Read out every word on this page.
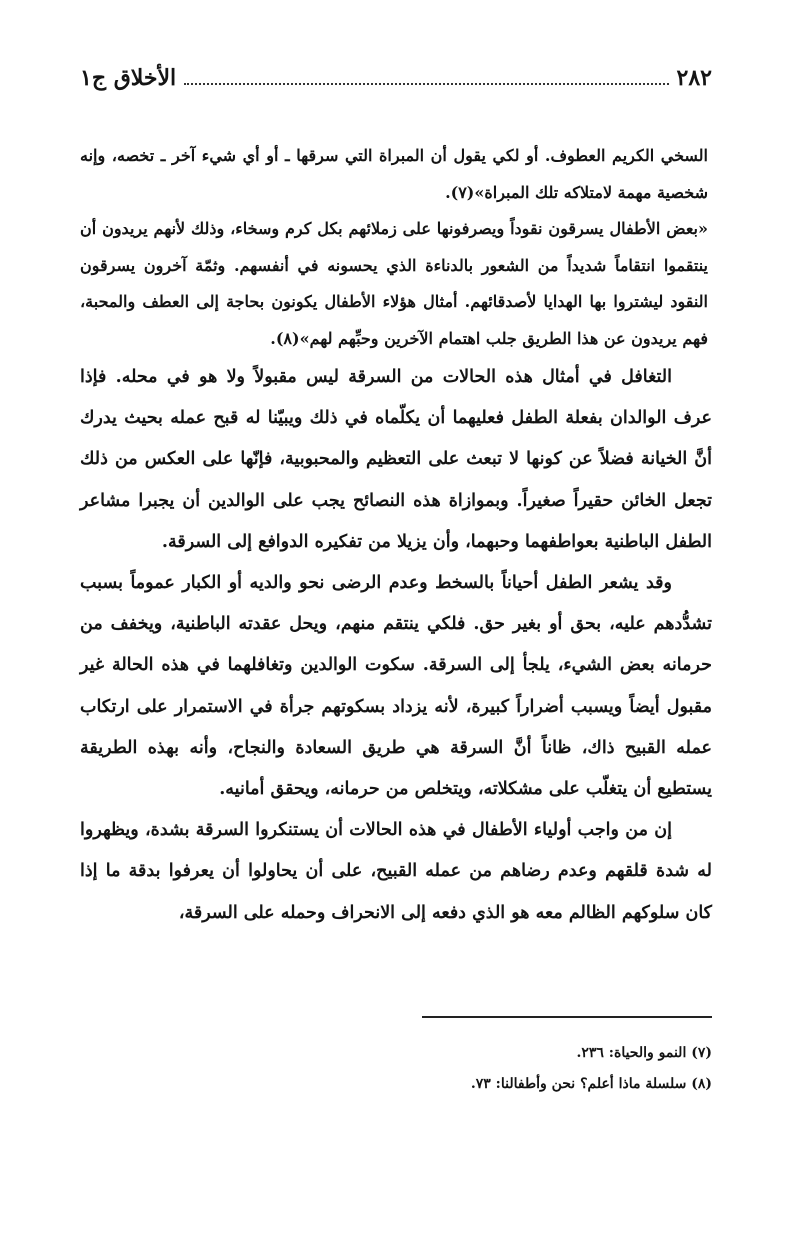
٢٨٢
الأخلاق ج١

السخي الكريم العطوف. أو لكي يقول أن المبراة التي سرقها ـ أو أي شيء آخر ـ تخصه، وإنه شخصية مهمة لامتلاكه تلك المبراة»(٧).

«بعض الأطفال يسرقون نقوداً ويصرفونها على زملائهم بكل كرم وسخاء، وذلك لأنهم يريدون أن ينتقموا انتقاماً شديداً من الشعور بالدناءة الذي يحسونه في أنفسهم. وثمّة آخرون يسرقون النقود ليشتروا بها الهدايا لأصدقائهم. أمثال هؤلاء الأطفال يكونون بحاجة إلى العطف والمحبة، فهم يريدون عن هذا الطريق جلب اهتمام الآخرين وحبِّهم لهم»(٨).

التغافل في أمثال هذه الحالات من السرقة ليس مقبولاً ولا هو في محله. فإذا عرف الوالدان بفعلة الطفل فعليهما أن يكلّماه في ذلك ويبيّنا له قبح عمله بحيث يدرك أنَّ الخيانة فضلاً عن كونها لا تبعث على التعظيم والمحبوبية، فإنّها على العكس من ذلك تجعل الخائن حقيراً صغيراً. وبموازاة هذه النصائح يجب على الوالدين أن يجبرا مشاعر الطفل الباطنية بعواطفهما وحبهما، وأن يزيلا من تفكيره الدوافع إلى السرقة.

وقد يشعر الطفل أحياناً بالسخط وعدم الرضى نحو والديه أو الكبار عموماً بسبب تشدُّدهم عليه، بحق أو بغير حق. فلكي ينتقم منهم، ويحل عقدته الباطنية، ويخفف من حرمانه بعض الشيء، يلجأ إلى السرقة. سكوت الوالدين وتغافلهما في هذه الحالة غير مقبول أيضاً ويسبب أضراراً كبيرة، لأنه يزداد بسكوتهم جرأة في الاستمرار على ارتكاب عمله القبيح ذاك، ظاناً أنَّ السرقة هي طريق السعادة والنجاح، وأنه بهذه الطريقة يستطيع أن يتغلّب على مشكلاته، ويتخلص من حرمانه، ويحقق أمانيه.

إن من واجب أولياء الأطفال في هذه الحالات أن يستنكروا السرقة بشدة، ويظهروا له شدة قلقهم وعدم رضاهم من عمله القبيح، على أن يحاولوا أن يعرفوا بدقة ما إذا كان سلوكهم الظالم معه هو الذي دفعه إلى الانحراف وحمله على السرقة،

(٧) النمو والحياة: ٢٣٦.

(٨) سلسلة ماذا أعلم؟ نحن وأطفالنا: ٧٣.
